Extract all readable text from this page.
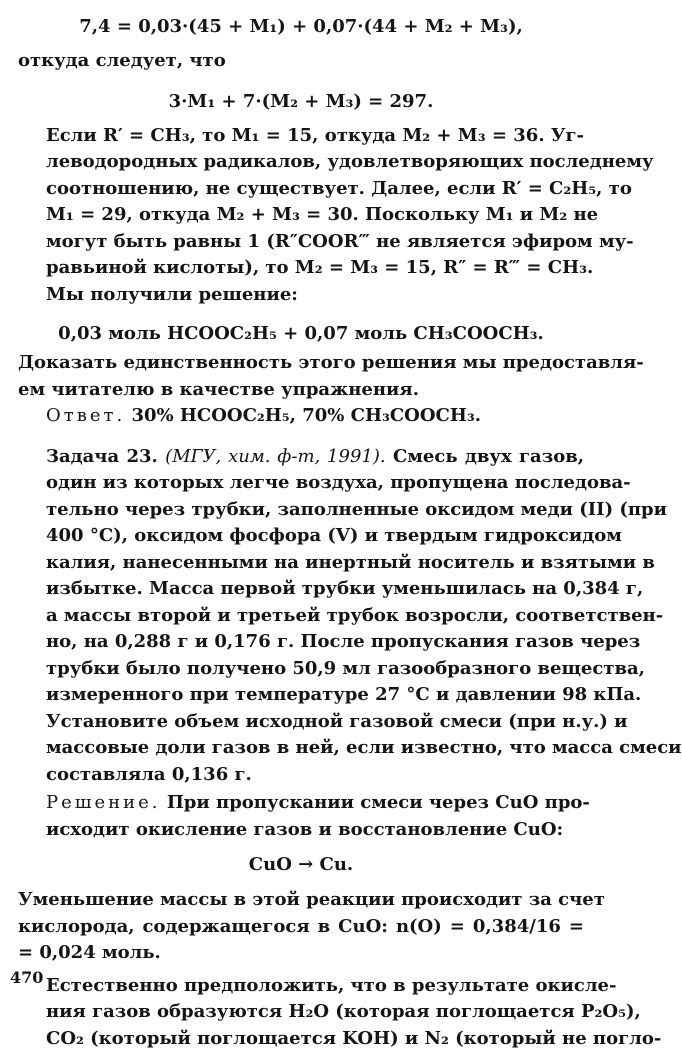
7,4 = 0,03·(45 + M₁) + 0,07·(44 + M₂ + M₃),

откуда следует, что

3·M₁ + 7·(M₂ + M₃) = 297.

Если R′ = CH₃, то M₁ = 15, откуда M₂ + M₃ = 36. Уг-
леводородных радикалов, удовлетворяющих последнему
соотношению, не существует. Далее, если R′ = C₂H₅, то
M₁ = 29, откуда M₂ + M₃ = 30. Поскольку M₁ и M₂ не
могут быть равны 1 (R″COOR‴ не является эфиром му-
равьиной кислоты), то M₂ = M₃ = 15, R″ = R‴ = CH₃.
Мы получили решение:

0,03 моль HCOOC₂H₅ + 0,07 моль CH₃COOCH₃.

Доказать единственность этого решения мы предоставля-
ем читателю в качестве упражнения.

Ответ. 30% HCOOC₂H₅, 70% CH₃COOCH₃.

Задача 23. (МГУ, хим. ф-т, 1991). Смесь двух газов,
один из которых легче воздуха, пропущена последова-
тельно через трубки, заполненные оксидом меди (II) (при
400 °C), оксидом фосфора (V) и твердым гидроксидом
калия, нанесенными на инертный носитель и взятыми в
избытке. Масса первой трубки уменьшилась на 0,384 г,
а массы второй и третьей трубок возросли, соответствен-
но, на 0,288 г и 0,176 г. После пропускания газов через
трубки было получено 50,9 мл газообразного вещества,
измеренного при температуре 27 °C и давлении 98 кПа.
Установите объем исходной газовой смеси (при н.у.) и
массовые доли газов в ней, если известно, что масса смеси
составляла 0,136 г.

Решение. При пропускании смеси через CuO про-
исходит окисление газов и восстановление CuO:

CuO → Cu.

Уменьшение массы в этой реакции происходит за счет
кислорода, содержащегося в CuO: n(O) = 0,384/16 =
= 0,024 моль.

Естественно предположить, что в результате окисле-
ния газов образуются H₂O (которая поглощается P₂O₅),
CO₂ (который поглощается KOH) и N₂ (который не погло-

470
